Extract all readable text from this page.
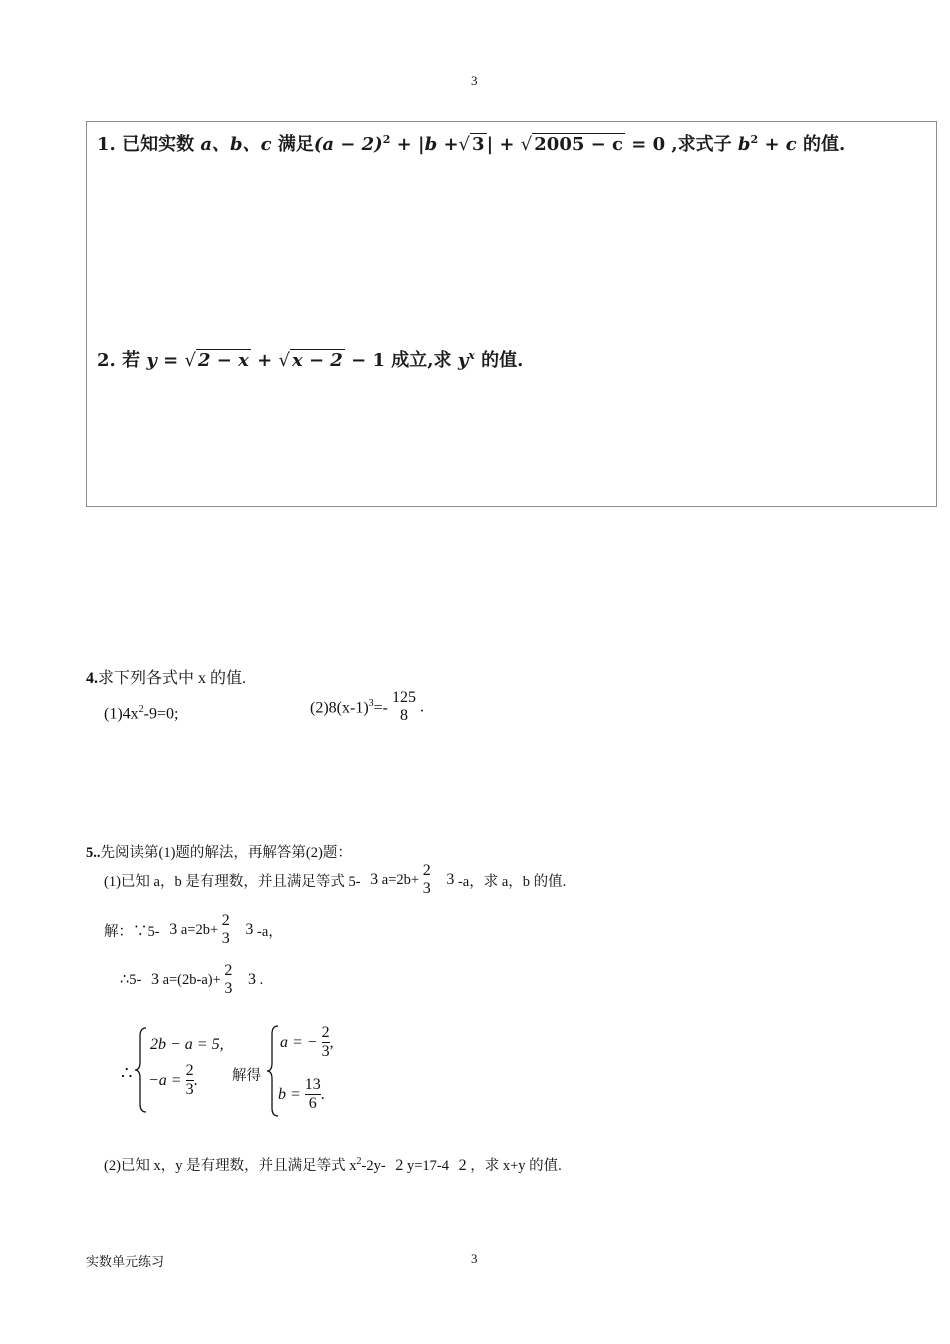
3
1. 已知实数 a、b、c 满足$(a - 2)^2 + |b$ +√ 3 | + √ 2005 − c = 0 ,求式子 $b^2 + c$ 的值.
2. 若 y = √ 2 − x + √ x − 2 − 1 成立,求 $y^x$ 的值.
4.求下列各式中 x 的值.
$(1)4x^2-9=0$;	$(2)8(x-1)^3=-$
125
8
.
5..先阅读第(1)题的解法，再解答第(2)题：
(1)已知 a，b 是有理数，并且满足等式 5- 3 a=2b+
2
3
3 -a，求 a，b 的值.
解：∵5- 3 a=2b+
2
3
3 -a，
∴5- 3 a=(2b-a)+
2
3
3 .
∴
2b − a = 5,
$-a = \frac{2}{3}$ . 解得
a = − $\frac{2}{3}$ ,
$b = \frac{13}{6}$ .
(2)已知 x，y 是有理数，并且满足等式 $x^2-2y-$ 2 y=17-4 2 ，求 x+y 的值.
实数单元练习	3
